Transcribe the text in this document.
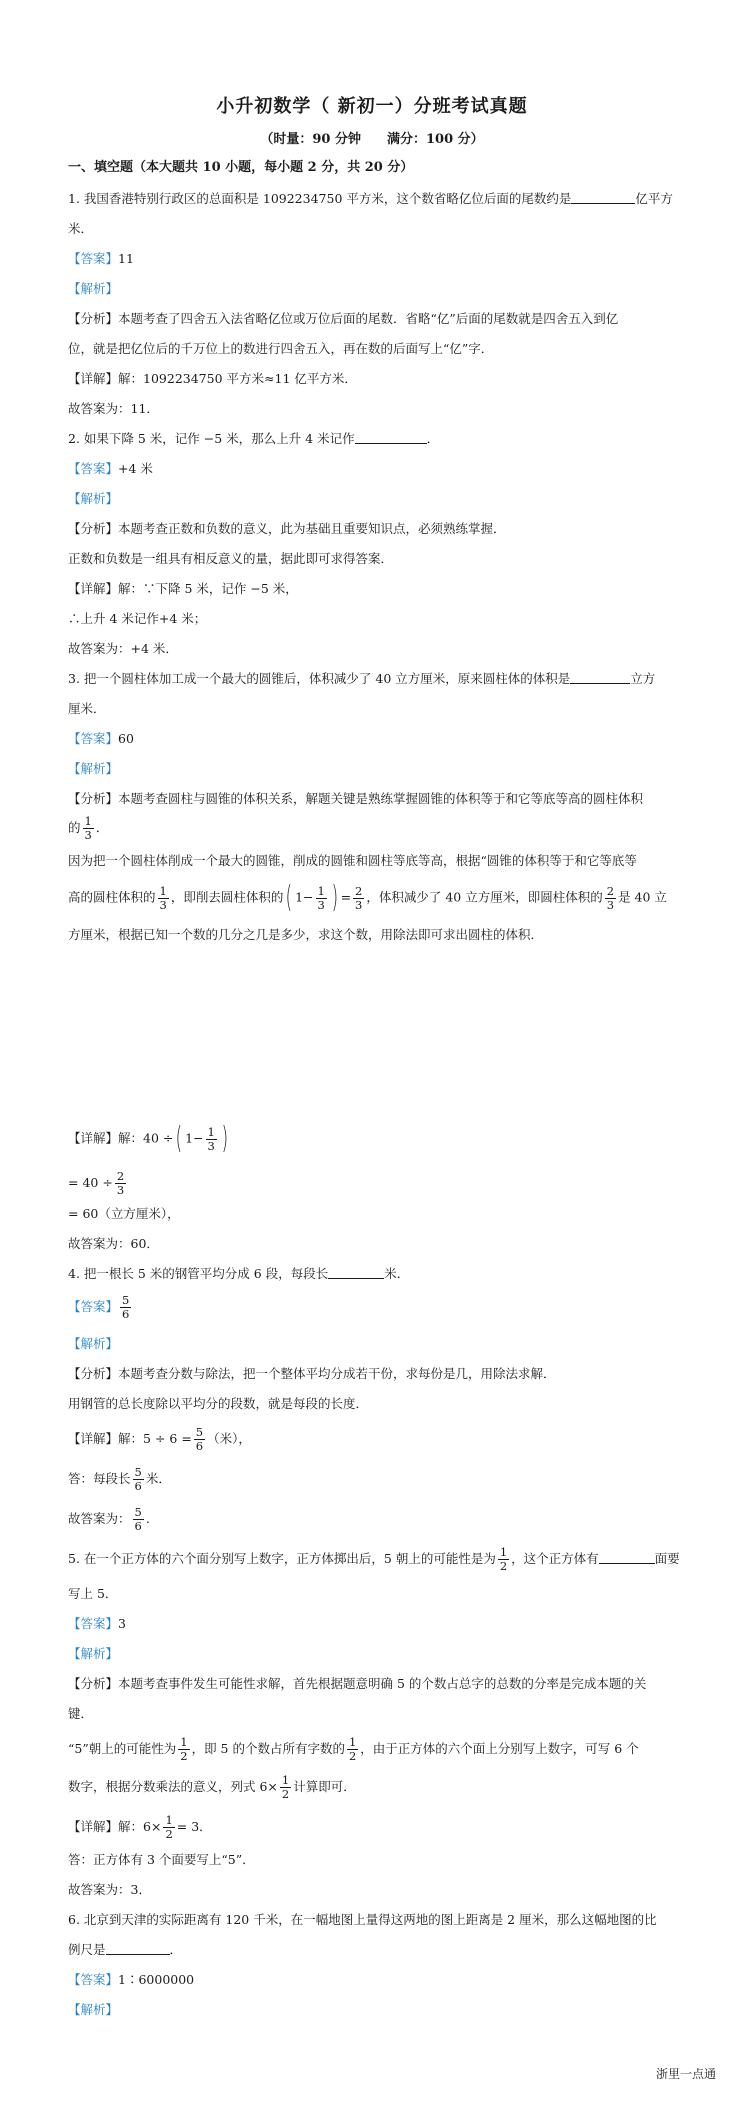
小升初数学（ 新初一）分班考试真题
（时量：90 分钟　　满分：100 分）
一、填空题（本大题共 10 小题，每小题 2 分，共 20 分）
1. 我国香港特别行政区的总面积是 1092234750 平方米，这个数省略亿位后面的尾数约是	亿平方
米．
【答案】11
【解析】
【分析】本题考查了四舍五入法省略亿位或万位后面的尾数．省略“亿”后面的尾数就是四舍五入到亿
位，就是把亿位后的千万位上的数进行四舍五入，再在数的后面写上“亿”字．
【详解】解：1092234750 平方米≈11 亿平方米．
故答案为：11．
2. 如果下降 5 米，记作 −5 米，那么上升 4 米记作	．
【答案】+4 米
【解析】
【分析】本题考查正数和负数的意义，此为基础且重要知识点，必须熟练掌握．
正数和负数是一组具有相反意义的量，据此即可求得答案．
【详解】解：∵下降 5 米，记作 −5 米，
∴上升 4 米记作+4 米；
故答案为：+4 米．
3. 把一个圆柱体加工成一个最大的圆锥后，体积减少了 40 立方厘米，原来圆柱体的体积是	立方
厘米．
【答案】60
【解析】
【分析】本题考查圆柱与圆锥的体积关系，解题关键是熟练掌握圆锥的体积等于和它等底等高的圆柱体积
的 $\frac{1}{3}$ ．
因为把一个圆柱体削成一个最大的圆锥，削成的圆锥和圆柱等底等高，根据“圆锥的体积等于和它等底等
高的圆柱体积的 $\frac{1}{3}$ ，即削去圆柱体积的( $1- \frac{1}{3}$ ) = $\frac{2}{3}$ ，体积减少了 40 立方厘米，即圆柱体积的 $\frac{2}{3}$ 是 40 立
方厘米，根据已知一个数的几分之几是多少，求这个数，用除法即可求出圆柱的体积．
【详解】解：40 ÷( $1- \frac{1}{3}$ )
= $40 \div \frac{2}{3}$
= 60（立方厘米），
故答案为：60．
4. 把一根长 5 米的钢管平均分成 6 段，每段长	米．
【答案】 $\frac{5}{6}$
【解析】
【分析】本题考查分数与除法，把一个整体平均分成若干份，求每份是几，用除法求解．
用钢管的总长度除以平均分的段数，就是每段的长度．
【详解】解：$5 \div 6 = \frac{5}{6}$ （米），
答：每段长 $\frac{5}{6}$ 米．
故答案为： $\frac{5}{6}$ .
5. 在一个正方体的六个面分别写上数字，正方体掷出后，5 朝上的可能性是为 $\frac{1}{2}$ ，这个正方体有	面要
写上 5．
【答案】3
【解析】
【分析】本题考查事件发生可能性求解，首先根据题意明确 5 的个数占总字的总数的分率是完成本题的关
键．
“5”朝上的可能性为 $\frac{1}{2}$ ，即 5 的个数占所有字数的 $\frac{1}{2}$ ，由于正方体的六个面上分别写上数字，可写 6 个
数字，根据分数乘法的意义，列式 $6\times \frac{1}{2}$ 计算即可．
【详解】解：$6\times \frac{1}{2} = 3$．
答：正方体有 3 个面要写上“5”．
故答案为：3．
6. 北京到天津的实际距离有 120 千米，在一幅地图上量得这两地的图上距离是 2 厘米，那么这幅地图的比
例尺是	．
【答案】1∶6000000
【解析】
浙里一点通
